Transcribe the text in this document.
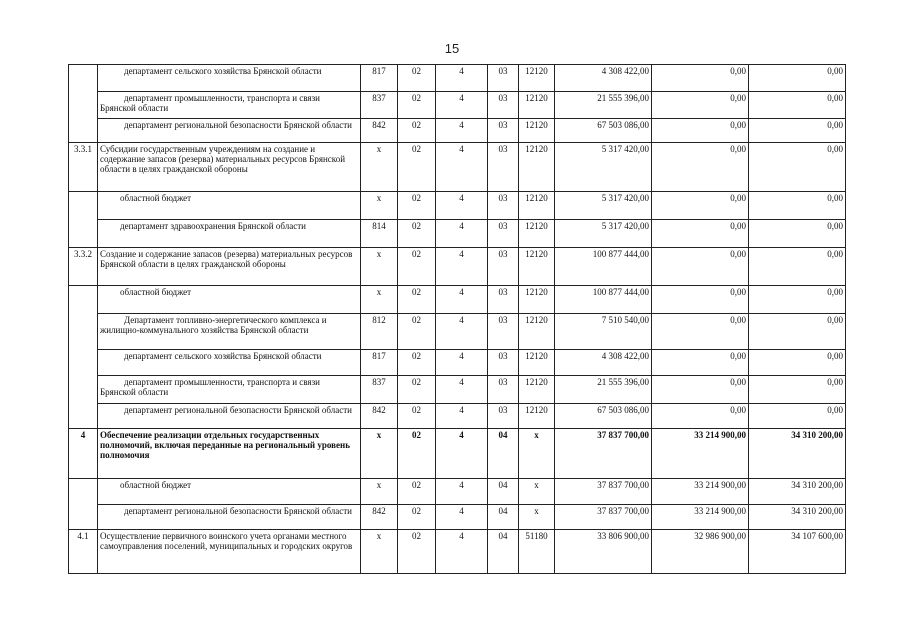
15
	департамент сельского хозяйства Брянской области	817	02	4	03	12120	4 308 422,00	0,00	0,00
	департамент промышленности, транспорта и связи Брянской области	837	02	4	03	12120	21 555 396,00	0,00	0,00
	департамент региональной безопасности Брянской области	842	02	4	03	12120	67 503 086,00	0,00	0,00
3.3.1	Субсидии государственным учреждениям на создание и содержание запасов (резерва) материальных ресурсов Брянской области в целях гражданской обороны	х	02	4	03	12120	5 317 420,00	0,00	0,00
	областной бюджет	х	02	4	03	12120	5 317 420,00	0,00	0,00
	департамент здравоохранения Брянской области	814	02	4	03	12120	5 317 420,00	0,00	0,00
3.3.2	Создание и содержание запасов (резерва) материальных ресурсов Брянской области в целях гражданской обороны	х	02	4	03	12120	100 877 444,00	0,00	0,00
	областной бюджет	х	02	4	03	12120	100 877 444,00	0,00	0,00
	Департамент топливно-энергетического комплекса и жилищно-коммунального хозяйства Брянской области	812	02	4	03	12120	7 510 540,00	0,00	0,00
	департамент сельского хозяйства Брянской области	817	02	4	03	12120	4 308 422,00	0,00	0,00
	департамент промышленности, транспорта и связи Брянской области	837	02	4	03	12120	21 555 396,00	0,00	0,00
	департамент региональной безопасности Брянской области	842	02	4	03	12120	67 503 086,00	0,00	0,00
4	Обеспечение реализации отдельных государственных полномочий, включая переданные на региональный уровень полномочия	х	02	4	04	х	37 837 700,00	33 214 900,00	34 310 200,00
	областной бюджет	х	02	4	04	х	37 837 700,00	33 214 900,00	34 310 200,00
	департамент региональной безопасности Брянской области	842	02	4	04	х	37 837 700,00	33 214 900,00	34 310 200,00
4.1	Осуществление первичного воинского учета органами местного самоуправления поселений, муниципальных и городских округов	х	02	4	04	51180	33 806 900,00	32 986 900,00	34 107 600,00
